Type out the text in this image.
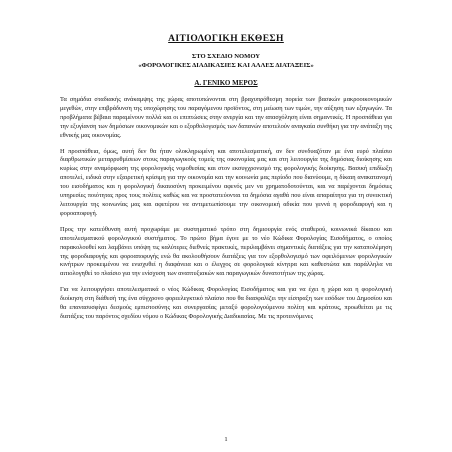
ΑΙΤΙΟΛΟΓΙΚΗ ΕΚΘΕΣΗ
ΣΤΟ ΣΧΕΔΙΟ ΝΟΜΟΥ
«ΦΟΡΟΛΟΓΙΚΕΣ ΔΙΑΔΙΚΑΣΙΕΣ ΚΑΙ ΑΛΛΕΣ ΔΙΑΤΑΞΕΙΣ»
Α. ΓΕΝΙΚΟ ΜΕΡΟΣ

Τα σημάδια σταδιακής ανάκαμψης της χώρας αποτυπώνονται στη βραχυπρόθεσμη πορεία των βασικών μακροοικονομικών μεγεθών, στην επιβράδυνση της υποχώρησης του παραγόμενου προϊόντος, στη μείωση των τιμών, την αύξηση των εξαγωγών. Τα προβλήματα βέβαια παραμένουν πολλά και οι επιπτώσεις στην ανεργία και την απασχόληση είναι σημαντικές. Η προσπάθεια για την εξυγίανση των δημόσιων οικονομικών και ο εξορθολογισμός των δαπανών αποτελούν αναγκαία συνθήκη για την ανάταξη της εθνικής μας οικονομίας.

Η προσπάθεια, όμως, αυτή δεν θα ήταν ολοκληρωμένη και αποτελεσματική, αν δεν συνδυαζόταν με ένα ευρύ πλαίσιο διαρθρωτικών μεταρρυθμίσεων στους παραγωγικούς τομείς της οικονομίας μας και στη λειτουργία της δημόσιας διοίκησης και κυρίως στην αναμόρφωση της φορολογικής νομοθεσίας και στον εκσυγχρονισμό της φορολογικής διοίκησης. Βασική επιδίωξη αποτελεί, ειδικά στην εξαιρετική κρίσιμη για την οικονομία και την κοινωνία μας περίοδο που διανύουμε, η δίκαιη ανακατανομή του εισοδήματος και η φορολογική δικαιοσύνη προκειμένου αφενός μεν να χρηματοδοτούνται, και να παρέχονται δημόσιες υπηρεσίες ποιότητας προς τους πολίτες καθώς και να προστατεύονται τα δημόσια αγαθά που είναι απαραίτητα για τη συνεκτική λειτουργία της κοινωνίας μας και αφετέρου να αντιμετωπίσουμε την οικονομική αδικία που γεννά η φοροδιαφυγή και η φοροαποφυγή.

Προς την κατεύθυνση αυτή προχωράμε με συστηματικό τρόπο στη δημιουργία ενός σταθερού, κοινωνικά δίκαιου και αποτελεσματικού φορολογικού συστήματος. Το πρώτο βήμα έγινε με το νέο Κώδικα Φορολογίας Εισοδήματος, ο οποίος παρακολουθεί και λαμβάνει υπόψη τις καλύτερες διεθνείς πρακτικές, περιλαμβάνει σημαντικές διατάξεις για την καταπολέμηση της φοροδιαφυγής και φοροαποφυγής ενώ θα ακολουθήσουν διατάξεις για τον εξορθολογισμό των οφειλόμενων φορολογικών κινήτρων προκειμένου να ενισχυθεί η διαφάνεια και ο έλεγχος σε φορολογικά κίνητρα και καθεστώτα και παράλληλα να αιτιολογηθεί το πλαίσιο για την ενίσχυση των αναπτυξιακών και παραγωγικών δυνατοτήτων της χώρας.

Για να λειτουργήσει αποτελεσματικά ο νέος Κώδικας Φορολογίας Εισοδήματος και για να έχει η χώρα και η φορολογική διοίκηση στη διάθεσή της ένα σύγχρονο φορεελεγκτικό πλαίσιο που θα διασφαλίζει την είσπραξη των εσόδων του Δημοσίου και θα επανασυσφίγει δεσμούς εμπιστοσύνης και συνεργασίας μεταξύ φορολογούμενου πολίτη και κράτους, προωθείται με τις διατάξεις του παρόντος σχεδίου νόμου ο Κώδικας Φορολογικής Διαδικασίας. Με τις προτεινόμενες

1
